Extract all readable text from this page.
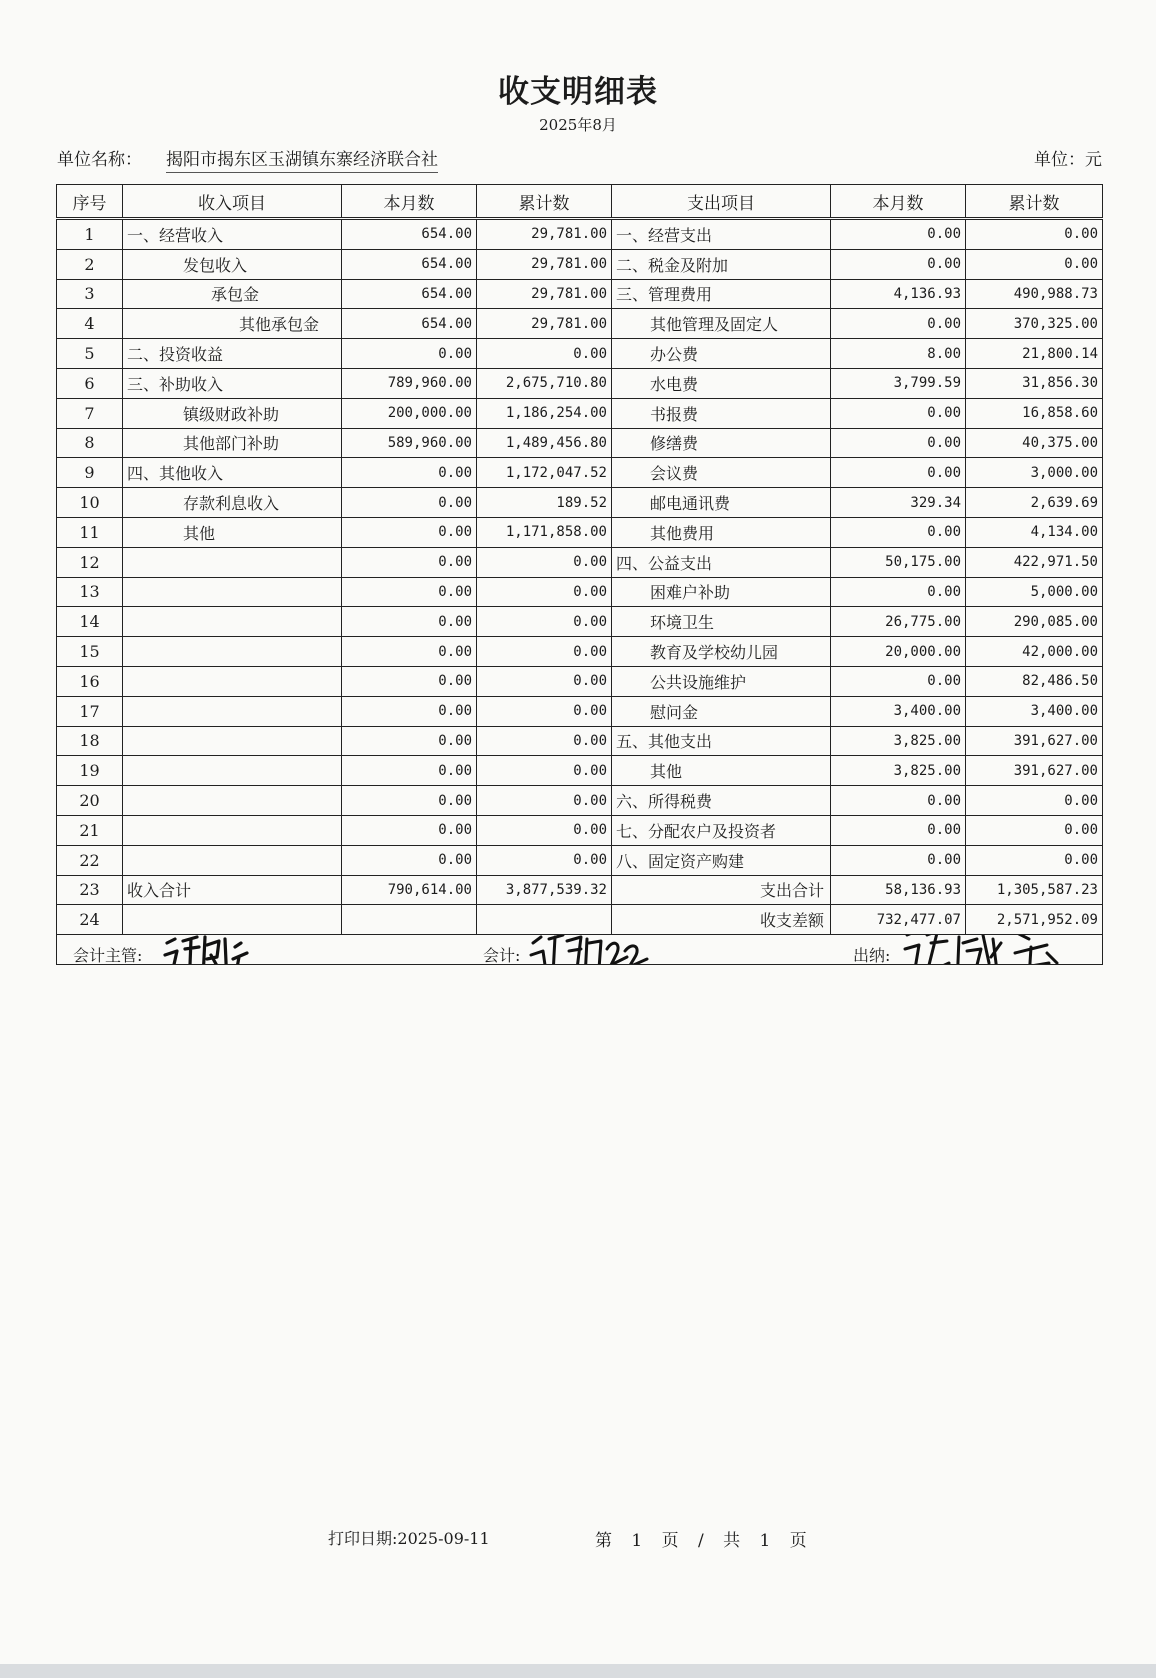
收支明细表
2025年8月
单位名称： 揭阳市揭东区玉湖镇东寨经济联合社	单位：元
序号	收入项目	本月数	累计数	支出项目	本月数	累计数
1	一、经营收入	654.00	29,781.00	一、经营支出	0.00	0.00
2	发包收入	654.00	29,781.00	二、税金及附加	0.00	0.00
3	承包金	654.00	29,781.00	三、管理费用	4,136.93	490,988.73
4	其他承包金	654.00	29,781.00	其他管理及固定人	0.00	370,325.00
5	二、投资收益	0.00	0.00	办公费	8.00	21,800.14
6	三、补助收入	789,960.00	2,675,710.80	水电费	3,799.59	31,856.30
7	镇级财政补助	200,000.00	1,186,254.00	书报费	0.00	16,858.60
8	其他部门补助	589,960.00	1,489,456.80	修缮费	0.00	40,375.00
9	四、其他收入	0.00	1,172,047.52	会议费	0.00	3,000.00
10	存款利息收入	0.00	189.52	邮电通讯费	329.34	2,639.69
11	其他	0.00	1,171,858.00	其他费用	0.00	4,134.00
12		0.00	0.00	四、公益支出	50,175.00	422,971.50
13		0.00	0.00	困难户补助	0.00	5,000.00
14		0.00	0.00	环境卫生	26,775.00	290,085.00
15		0.00	0.00	教育及学校幼儿园	20,000.00	42,000.00
16		0.00	0.00	公共设施维护	0.00	82,486.50
17		0.00	0.00	慰问金	3,400.00	3,400.00
18		0.00	0.00	五、其他支出	3,825.00	391,627.00
19		0.00	0.00	其他	3,825.00	391,627.00
20		0.00	0.00	六、所得税费	0.00	0.00
21		0.00	0.00	七、分配农户及投资者	0.00	0.00
22		0.00	0.00	八、固定资产购建	0.00	0.00
23	收入合计	790,614.00	3,877,539.32	支出合计	58,136.93	1,305,587.23
24				收支差额	732,477.07	2,571,952.09

会计主管: 会计: 出纳:						
打印日期:2025-09-11	第 1 页 / 共 1 页
